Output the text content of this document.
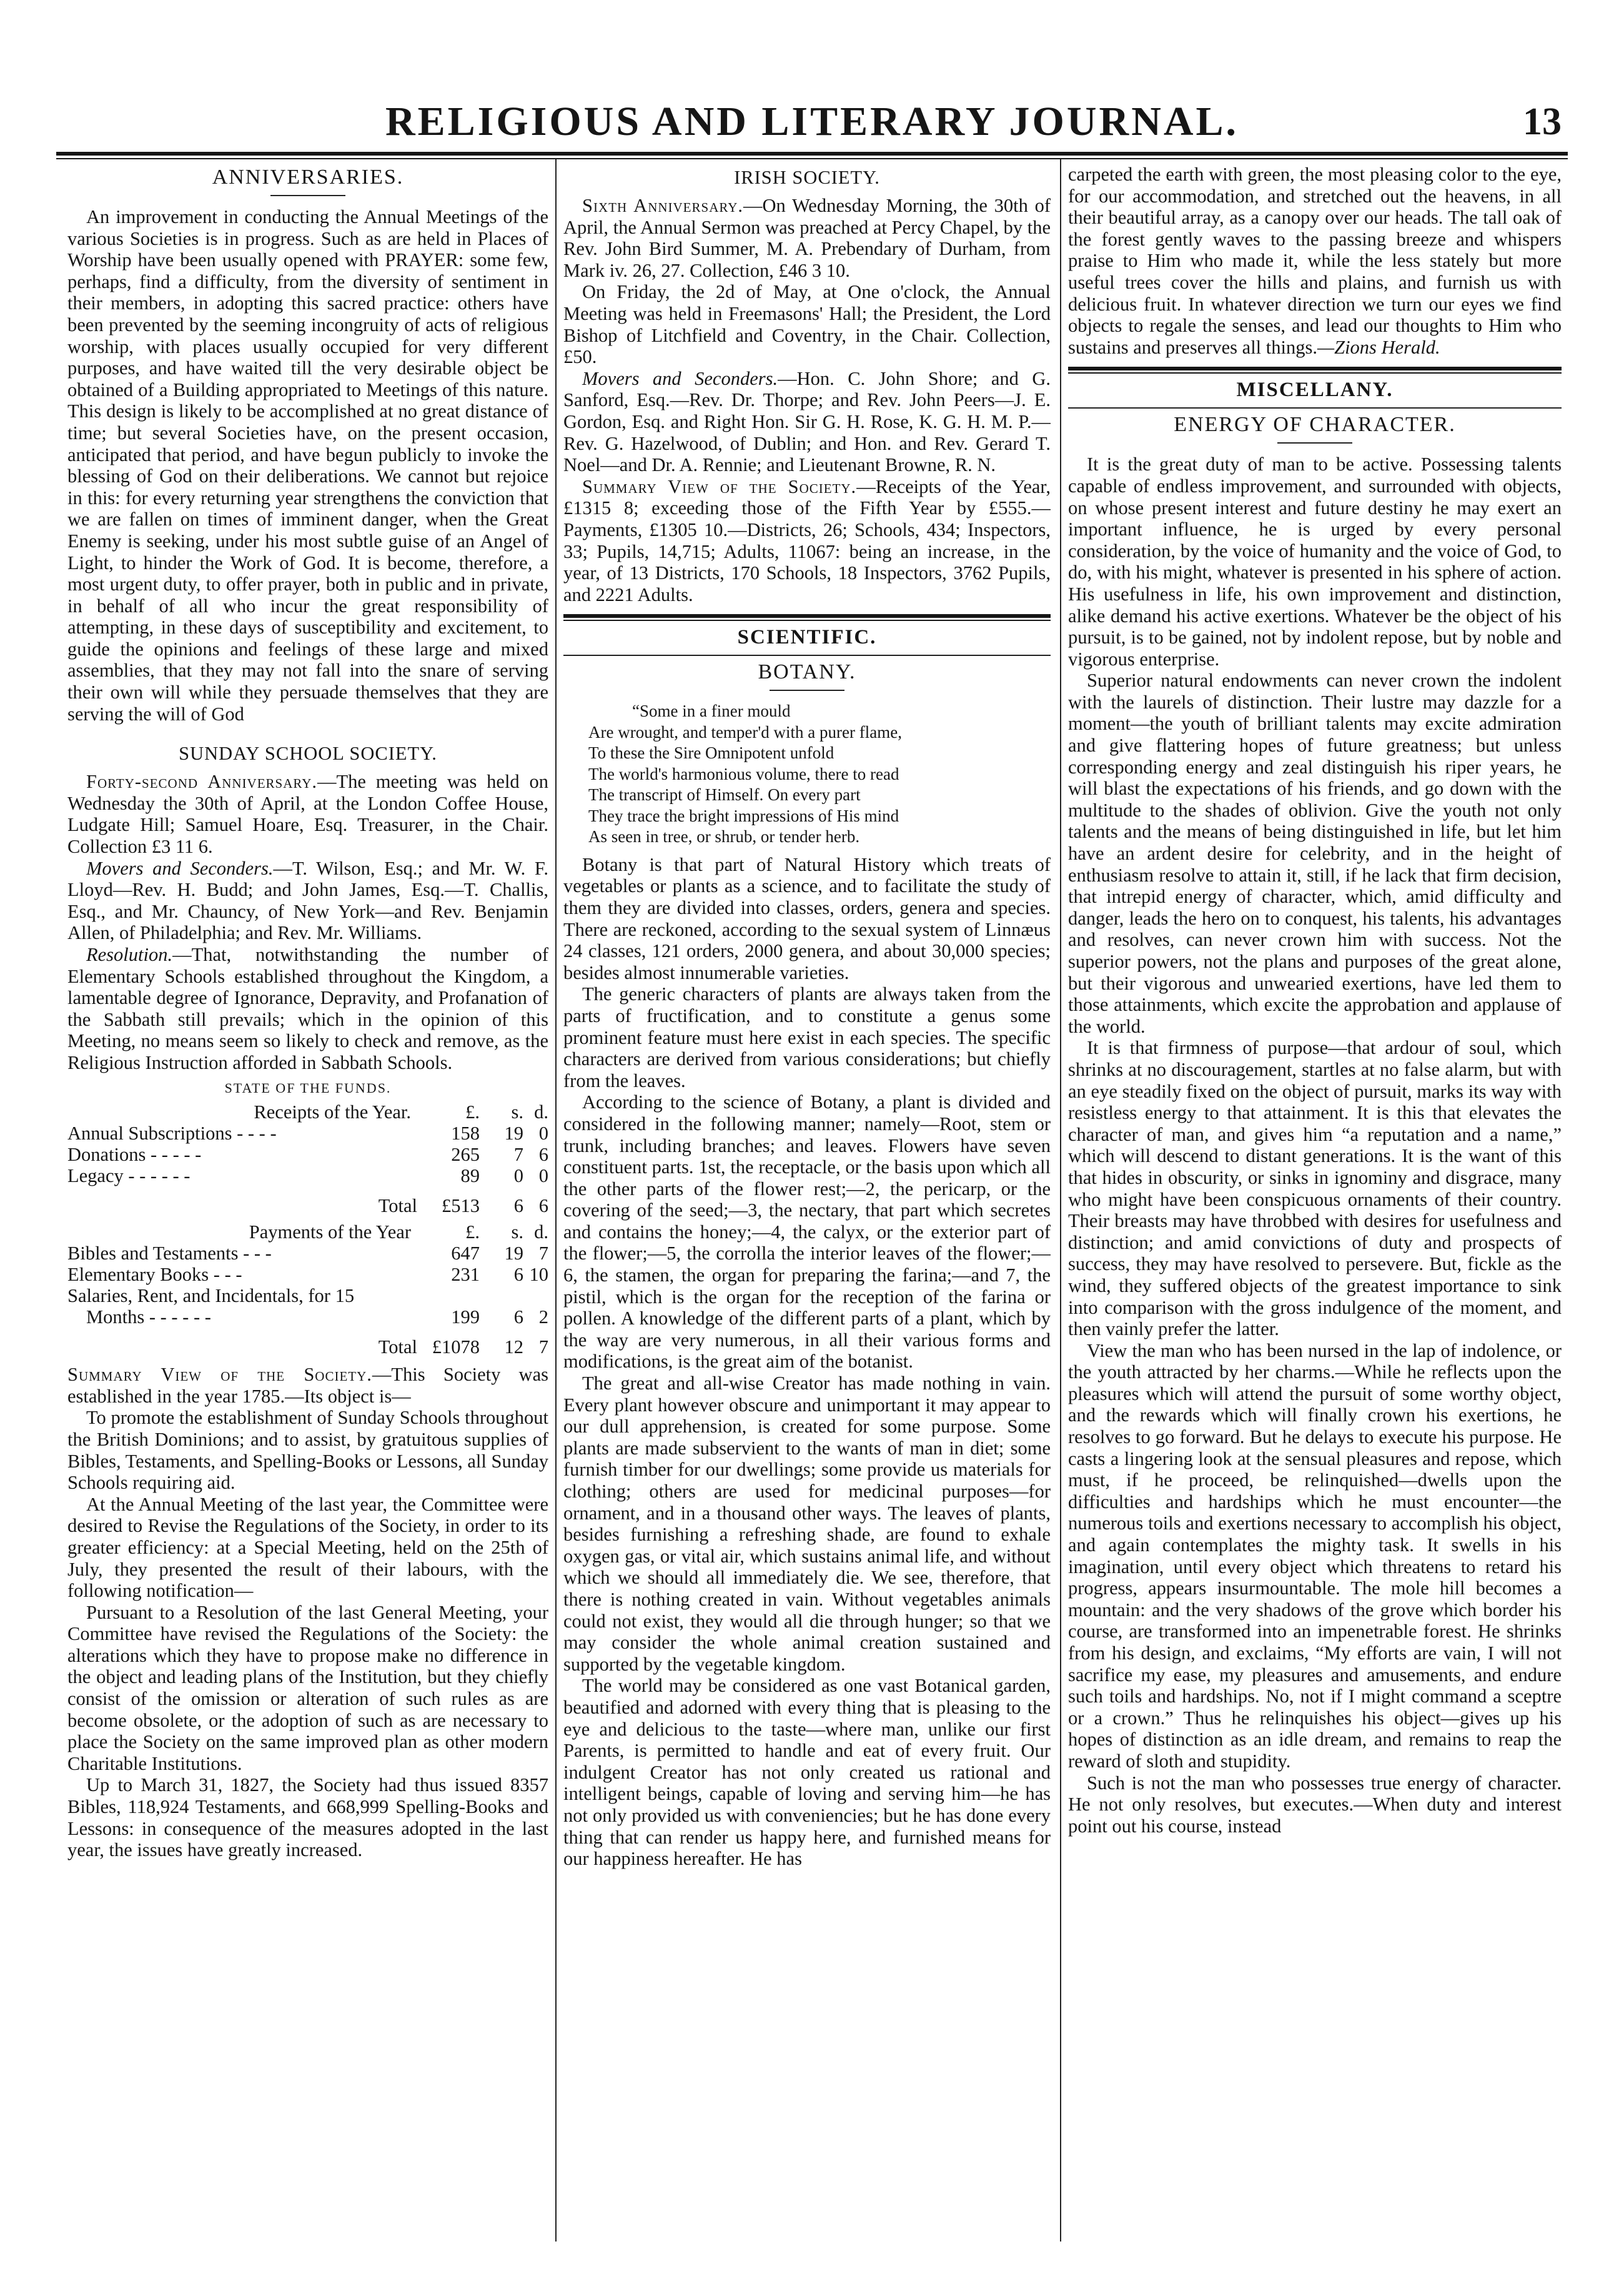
RELIGIOUS AND LITERARY JOURNAL.	13
ANNIVERSARIES.

An improvement in conducting the Annual Meetings of the various Societies is in progress. Such as are held in Places of Worship have been usually opened with PRAYER: some few, perhaps, find a difficulty, from the diversity of sentiment in their members, in adopting this sacred practice: others have been prevented by the seeming incongruity of acts of religious worship, with places usually occupied for very different purposes, and have waited till the very desirable object be obtained of a Building appropriated to Meetings of this nature. This design is likely to be accomplished at no great distance of time; but several Societies have, on the present occasion, anticipated that period, and have begun publicly to invoke the blessing of God on their deliberations. We cannot but rejoice in this: for every returning year strengthens the conviction that we are fallen on times of imminent danger, when the Great Enemy is seeking, under his most subtle guise of an Angel of Light, to hinder the Work of God. It is become, therefore, a most urgent duty, to offer prayer, both in public and in private, in behalf of all who incur the great responsibility of attempting, in these days of susceptibility and excitement, to guide the opinions and feelings of these large and mixed assemblies, that they may not fall into the snare of serving their own will while they persuade themselves that they are serving the will of God

SUNDAY SCHOOL SOCIETY.

Forty-second Anniversary.—The meeting was held on Wednesday the 30th of April, at the London Coffee House, Ludgate Hill; Samuel Hoare, Esq. Treasurer, in the Chair. Collection £3 11 6.

Movers and Seconders.—T. Wilson, Esq.; and Mr. W. F. Lloyd—Rev. H. Budd; and John James, Esq.—T. Challis, Esq., and Mr. Chauncy, of New York—and Rev. Benjamin Allen, of Philadelphia; and Rev. Mr. Williams.

Resolution.—That, notwithstanding the number of Elementary Schools established throughout the Kingdom, a lamentable degree of Ignorance, Depravity, and Profanation of the Sabbath still prevails; which in the opinion of this Meeting, no means seem so likely to check and remove, as the Religious Instruction afforded in Sabbath Schools.

STATE OF THE FUNDS.
Receipts of the Year.	£.	s.	d.
Annual Subscriptions - - - -	158	19	0
Donations - - - - -	265	7	6
Legacy - - - - - -	89	0	0
Total	£513	6	6
Payments of the Year	£.	s.	d.
Bibles and Testaments - - -	647	19	7
Elementary Books - - -	231	6	10
Salaries, Rent, and Incidentals, for 15			
Months - - - - - -	199	6	2
Total	£1078	12	7

Summary View of the Society.—This Society was established in the year 1785.—Its object is—

To promote the establishment of Sunday Schools throughout the British Dominions; and to assist, by gratuitous supplies of Bibles, Testaments, and Spelling-Books or Lessons, all Sunday Schools requiring aid.

At the Annual Meeting of the last year, the Committee were desired to Revise the Regulations of the Society, in order to its greater efficiency: at a Special Meeting, held on the 25th of July, they presented the result of their labours, with the following notification—

Pursuant to a Resolution of the last General Meeting, your Committee have revised the Regulations of the Society: the alterations which they have to propose make no difference in the object and leading plans of the Institution, but they chiefly consist of the omission or alteration of such rules as are become obsolete, or the adoption of such as are necessary to place the Society on the same improved plan as other modern Charitable Institutions.

Up to March 31, 1827, the Society had thus issued 8357 Bibles, 118,924 Testaments, and 668,999 Spelling-Books and Lessons: in consequence of the measures adopted in the last year, the issues have greatly increased.

IRISH SOCIETY.

Sixth Anniversary.—On Wednesday Morning, the 30th of April, the Annual Sermon was preached at Percy Chapel, by the Rev. John Bird Summer, M. A. Prebendary of Durham, from Mark iv. 26, 27. Collection, £46 3 10.

On Friday, the 2d of May, at One o'clock, the Annual Meeting was held in Freemasons' Hall; the President, the Lord Bishop of Litchfield and Coventry, in the Chair. Collection, £50.

Movers and Seconders.—Hon. C. John Shore; and G. Sanford, Esq.—Rev. Dr. Thorpe; and Rev. John Peers—J. E. Gordon, Esq. and Right Hon. Sir G. H. Rose, K. G. H. M. P.—Rev. G. Hazelwood, of Dublin; and Hon. and Rev. Gerard T. Noel—and Dr. A. Rennie; and Lieutenant Browne, R. N.

Summary View of the Society.—Receipts of the Year, £1315 8; exceeding those of the Fifth Year by £555.—Payments, £1305 10.—Districts, 26; Schools, 434; Inspectors, 33; Pupils, 14,715; Adults, 11067: being an increase, in the year, of 13 Districts, 170 Schools, 18 Inspectors, 3762 Pupils, and 2221 Adults.

SCIENTIFIC.
BOTANY.
“Some in a finer mould
Are wrought, and temper'd with a purer flame,
To these the Sire Omnipotent unfold
The world's harmonious volume, there to read
The transcript of Himself. On every part
They trace the bright impressions of His mind
As seen in tree, or shrub, or tender herb.

Botany is that part of Natural History which treats of vegetables or plants as a science, and to facilitate the study of them they are divided into classes, orders, genera and species. There are reckoned, according to the sexual system of Linnæus 24 classes, 121 orders, 2000 genera, and about 30,000 species; besides almost innumerable varieties.

The generic characters of plants are always taken from the parts of fructification, and to constitute a genus some prominent feature must here exist in each species. The specific characters are derived from various considerations; but chiefly from the leaves.

According to the science of Botany, a plant is divided and considered in the following manner; namely—Root, stem or trunk, including branches; and leaves. Flowers have seven constituent parts. 1st, the receptacle, or the basis upon which all the other parts of the flower rest;—2, the pericarp, or the covering of the seed;—3, the nectary, that part which secretes and contains the honey;—4, the calyx, or the exterior part of the flower;—5, the corrolla the interior leaves of the flower;—6, the stamen, the organ for preparing the farina;—and 7, the pistil, which is the organ for the reception of the farina or pollen. A knowledge of the different parts of a plant, which by the way are very numerous, in all their various forms and modifications, is the great aim of the botanist.

The great and all-wise Creator has made nothing in vain. Every plant however obscure and unimportant it may appear to our dull apprehension, is created for some purpose. Some plants are made subservient to the wants of man in diet; some furnish timber for our dwellings; some provide us materials for clothing; others are used for medicinal purposes—for ornament, and in a thousand other ways. The leaves of plants, besides furnishing a refreshing shade, are found to exhale oxygen gas, or vital air, which sustains animal life, and without which we should all immediately die. We see, therefore, that there is nothing created in vain. Without vegetables animals could not exist, they would all die through hunger; so that we may consider the whole animal creation sustained and supported by the vegetable kingdom.

The world may be considered as one vast Botanical garden, beautified and adorned with every thing that is pleasing to the eye and delicious to the taste—where man, unlike our first Parents, is permitted to handle and eat of every fruit. Our indulgent Creator has not only created us rational and intelligent beings, capable of loving and serving him—he has not only provided us with conveniencies; but he has done every thing that can render us happy here, and furnished means for our happiness hereafter. He has

carpeted the earth with green, the most pleasing color to the eye, for our accommodation, and stretched out the heavens, in all their beautiful array, as a canopy over our heads. The tall oak of the forest gently waves to the passing breeze and whispers praise to Him who made it, while the less stately but more useful trees cover the hills and plains, and furnish us with delicious fruit. In whatever direction we turn our eyes we find objects to regale the senses, and lead our thoughts to Him who sustains and preserves all things.—Zions Herald.

MISCELLANY.
ENERGY OF CHARACTER.

It is the great duty of man to be active. Possessing talents capable of endless improvement, and surrounded with objects, on whose present interest and future destiny he may exert an important influence, he is urged by every personal consideration, by the voice of humanity and the voice of God, to do, with his might, whatever is presented in his sphere of action. His usefulness in life, his own improvement and distinction, alike demand his active exertions. Whatever be the object of his pursuit, is to be gained, not by indolent repose, but by noble and vigorous enterprise.

Superior natural endowments can never crown the indolent with the laurels of distinction. Their lustre may dazzle for a moment—the youth of brilliant talents may excite admiration and give flattering hopes of future greatness; but unless corresponding energy and zeal distinguish his riper years, he will blast the expectations of his friends, and go down with the multitude to the shades of oblivion. Give the youth not only talents and the means of being distinguished in life, but let him have an ardent desire for celebrity, and in the height of enthusiasm resolve to attain it, still, if he lack that firm decision, that intrepid energy of character, which, amid difficulty and danger, leads the hero on to conquest, his talents, his advantages and resolves, can never crown him with success. Not the superior powers, not the plans and purposes of the great alone, but their vigorous and unwearied exertions, have led them to those attainments, which excite the approbation and applause of the world.

It is that firmness of purpose—that ardour of soul, which shrinks at no discouragement, startles at no false alarm, but with an eye steadily fixed on the object of pursuit, marks its way with resistless energy to that attainment. It is this that elevates the character of man, and gives him “a reputation and a name,” which will descend to distant generations. It is the want of this that hides in obscurity, or sinks in ignominy and disgrace, many who might have been conspicuous ornaments of their country. Their breasts may have throbbed with desires for usefulness and distinction; and amid convictions of duty and prospects of success, they may have resolved to persevere. But, fickle as the wind, they suffered objects of the greatest importance to sink into comparison with the gross indulgence of the moment, and then vainly prefer the latter.

View the man who has been nursed in the lap of indolence, or the youth attracted by her charms.—While he reflects upon the pleasures which will attend the pursuit of some worthy object, and the rewards which will finally crown his exertions, he resolves to go forward. But he delays to execute his purpose. He casts a lingering look at the sensual pleasures and repose, which must, if he proceed, be relinquished—dwells upon the difficulties and hardships which he must encounter—the numerous toils and exertions necessary to accomplish his object, and again contemplates the mighty task. It swells in his imagination, until every object which threatens to retard his progress, appears insurmountable. The mole hill becomes a mountain: and the very shadows of the grove which border his course, are transformed into an impenetrable forest. He shrinks from his design, and exclaims, “My efforts are vain, I will not sacrifice my ease, my pleasures and amusements, and endure such toils and hardships. No, not if I might command a sceptre or a crown.” Thus he relinquishes his object—gives up his hopes of distinction as an idle dream, and remains to reap the reward of sloth and stupidity.

Such is not the man who possesses true energy of character. He not only resolves, but executes.—When duty and interest point out his course, instead
